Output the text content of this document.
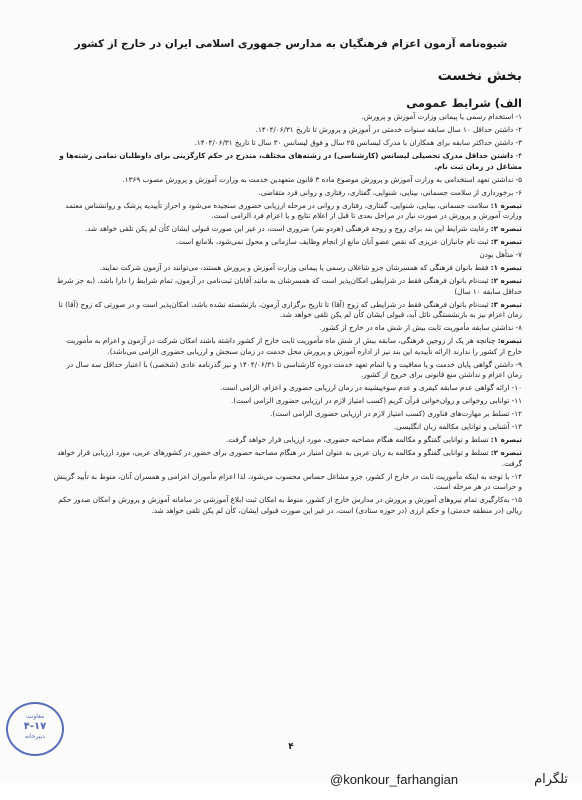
شیوه‌نامه آزمون اعزام فرهنگیان به مدارس جمهوری اسلامی ایران در خارج از کشور
بخش نخست
الف) شرایط عمومی
۱- استخدام رسمی یا پیمانی وزارت آموزش و پرورش.
۲- داشتن حداقل ۱۰ سال سابقه سنوات خدمتی در آموزش و پرورش تا تاریخ ۱۴۰۴/۰۶/۳۱.
۳- داشتن حداکثر سابقه برای همکاران با مدرک لیسانس ۲۵ سال و فوق لیسانس ۳۰ سال تا تاریخ ۱۴۰۴/۰۶/۳۱.
۴- داشتن حداقل مدرک تحصیلی لیسانس (کارشناسی) در رشته‌های مختلف، مندرج در حکم کارگزینی برای داوطلبان تمامی رشته‌ها و مشاغل در زمان ثبت نام.
۵- نداشتن تعهد استخدامی به وزارت آموزش و پرورش موضوع ماده ۳ قانون متعهدین خدمت به وزارت آموزش و پرورش مصوب ۱۳۶۹.
۶- برخورداری از سلامت جسمانی، بینایی، شنوایی، گفتاری، رفتاری و روانی فرد متقاضی.
تبصره ۱: سلامت جسمانی، بینایی، شنوایی، گفتاری، رفتاری و روانی در مرحله ارزیابی حضوری سنجیده می‌شود و احراز تأییدیه پزشک و روانشناس معتمد وزارت آموزش و پرورش در صورت نیاز در مراحل بعدی تا قبل از اعلام نتایج و یا اعزام فرد الزامی است.
تبصره ۲: رعایت شرایط این بند برای زوج و زوجه فرهنگی (هردو نفر) ضروری است، در غیر این صورت قبولی ایشان کأن لم یکن تلقی خواهد شد.
تبصره ۳: ثبت نام جانبازان عزیزی که نقص عضو آنان مانع از انجام وظایف سازمانی و محول نمی‌شود، بلامانع است.
۷- متأهل بودن
تبصره ۱: فقط بانوان فرهنگی که همسرشان جزو شاغلان رسمی یا پیمانی وزارت آموزش و پرورش هستند، می‌توانند در آزمون شرکت نمایند.
تبصره ۲: ثبت‌نام بانوان فرهنگی فقط در شرایطی امکان‌پذیر است که همسرشان به مانند آقایان ثبت‌نامی در آزمون، تمام شرایط را دارا باشد. (به جز شرط حداقل سابقه ۱۰ سال)
تبصره ۳: ثبت‌نام بانوان فرهنگی فقط در شرایطی که زوج (آقا) تا تاریخ برگزاری آزمون، بازنشسته نشده باشد، امکان‌پذیر است و در صورتی که زوج (آقا) تا زمان اعزام نیز به بازنشستگی نائل آید، قبولی ایشان کأن لم یکن تلقی خواهد شد.
۸- نداشتن سابقه مأموریت ثابت بیش از شش ماه در خارج از کشور.
تبصره: چنانچه هر یک از زوجین فرهنگی، سابقه بیش از شش ماه مأموریت ثابت خارج از کشور داشته باشند امکان شرکت در آزمون و اعزام به مأموریت خارج از کشور را ندارند (ارائه تأییدیه این بند نیز از اداره آموزش و پرورش محل خدمت در زمان سنجش و ارزیابی حضوری الزامی می‌باشد).
۹- داشتن گواهی پایان خدمت و یا معافیت و یا اتمام تعهد خدمت دوره کارشناسی تا ۱۴۰۴/۰۶/۳۱ و نیز گذرنامه عادی (شخصی) با اعتبار حداقل سه سال در زمان اعزام و نداشتن منع قانونی برای خروج از کشور.
۱۰- ارائه گواهی عدم سابقه کیفری و عدم سوءپیشینه در زمان ارزیابی حضوری و اعزام، الزامی است.
۱۱- توانایی روخوانی و روان‌خوانی قرآن کریم (کسب امتیاز لازم در ارزیابی حضوری الزامی است).
۱۲- تسلط بر مهارت‌های فناوری (کسب امتیاز لازم در ارزیابی حضوری الزامی است).
۱۳- آشنایی و توانایی مکالمه زبان انگلیسی.
تبصره ۱: تسلط و توانایی گفتگو و مکالمه هنگام مصاحبه حضوری، مورد ارزیابی قرار خواهد گرفت.
تبصره ۲: تسلط و توانایی گفتگو و مکالمه به زبان عربی به عنوان امتیاز در هنگام مصاحبه حضوری برای حضور در کشورهای عربی، مورد ارزیابی قرار خواهد گرفت.
۱۴- با توجه به اینکه مأموریت ثابت در خارج از کشور، جزو مشاغل حساس محسوب می‌شود، لذا اعزام مأموران اعزامی و همسران آنان، منوط به تأیید گزینش و حراست در هر مرحله است.
۱۵- به‌کارگیری تمام نیروهای آموزش و پرورش در مدارس خارج از کشور، منوط به امکان ثبت ابلاغ آموزشی در سامانه آموزش و پرورش و امکان صدور حکم ریالی (در منطقه خدمتی) و حکم ارزی (در حوزه ستادی) است، در غیر این صورت قبولی ایشان، کأن لم یکن تلقی خواهد شد.
معاونت
۴-۱۷
دبیرخانه
۴
@konkour_farhangian	تلگرام
